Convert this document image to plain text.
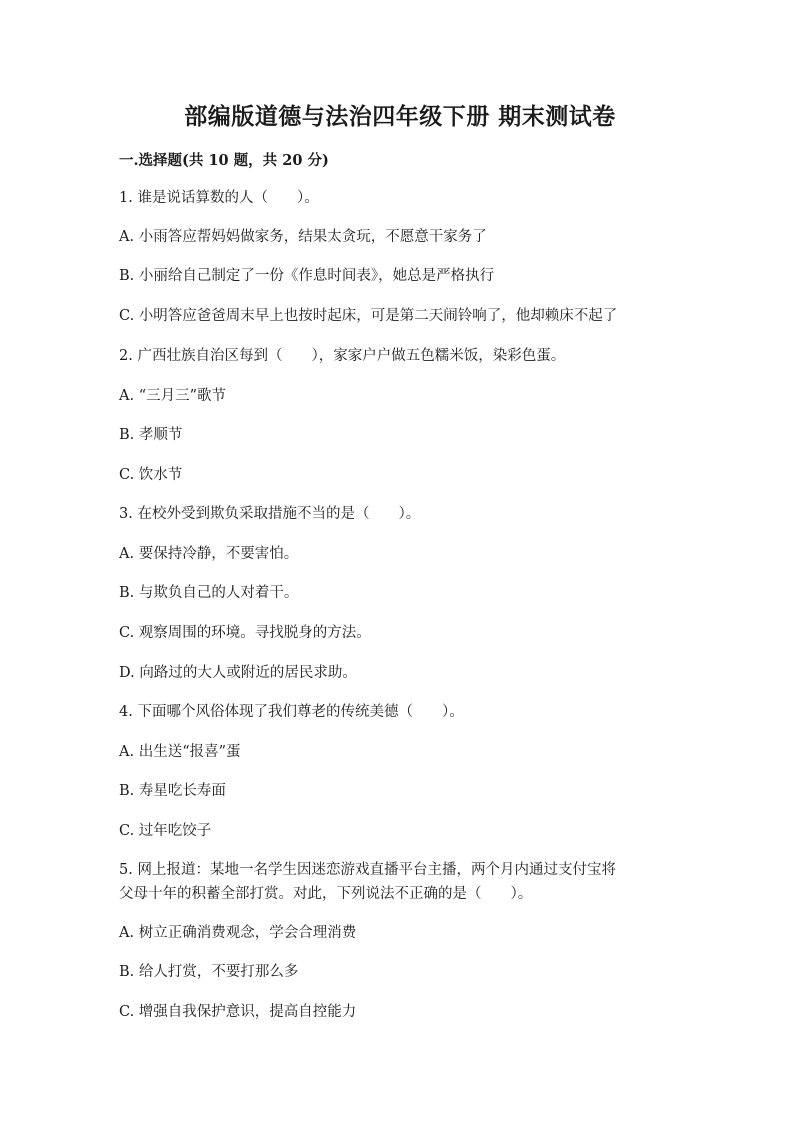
部编版道德与法治四年级下册 期末测试卷
一.选择题(共 10 题，共 20 分)
1. 谁是说话算数的人（　　）。
A. 小雨答应帮妈妈做家务，结果太贪玩，不愿意干家务了
B. 小丽给自己制定了一份《作息时间表》，她总是严格执行
C. 小明答应爸爸周末早上也按时起床，可是第二天闹铃响了，他却赖床不起了
2. 广西壮族自治区每到（　　），家家户户做五色糯米饭，染彩色蛋。
A. “三月三”歌节
B. 孝顺节
C. 饮水节
3. 在校外受到欺负采取措施不当的是（　　）。
A. 要保持冷静，不要害怕。
B. 与欺负自己的人对着干。
C. 观察周围的环境。寻找脱身的方法。
D. 向路过的大人或附近的居民求助。
4. 下面哪个风俗体现了我们尊老的传统美德（　　）。
A. 出生送“报喜”蛋
B. 寿星吃长寿面
C. 过年吃饺子
5. 网上报道：某地一名学生因迷恋游戏直播平台主播，两个月内通过支付宝将
父母十年的积蓄全部打赏。对此，下列说法不正确的是（　　）。
A. 树立正确消费观念，学会合理消费
B. 给人打赏，不要打那么多
C. 增强自我保护意识，提高自控能力
